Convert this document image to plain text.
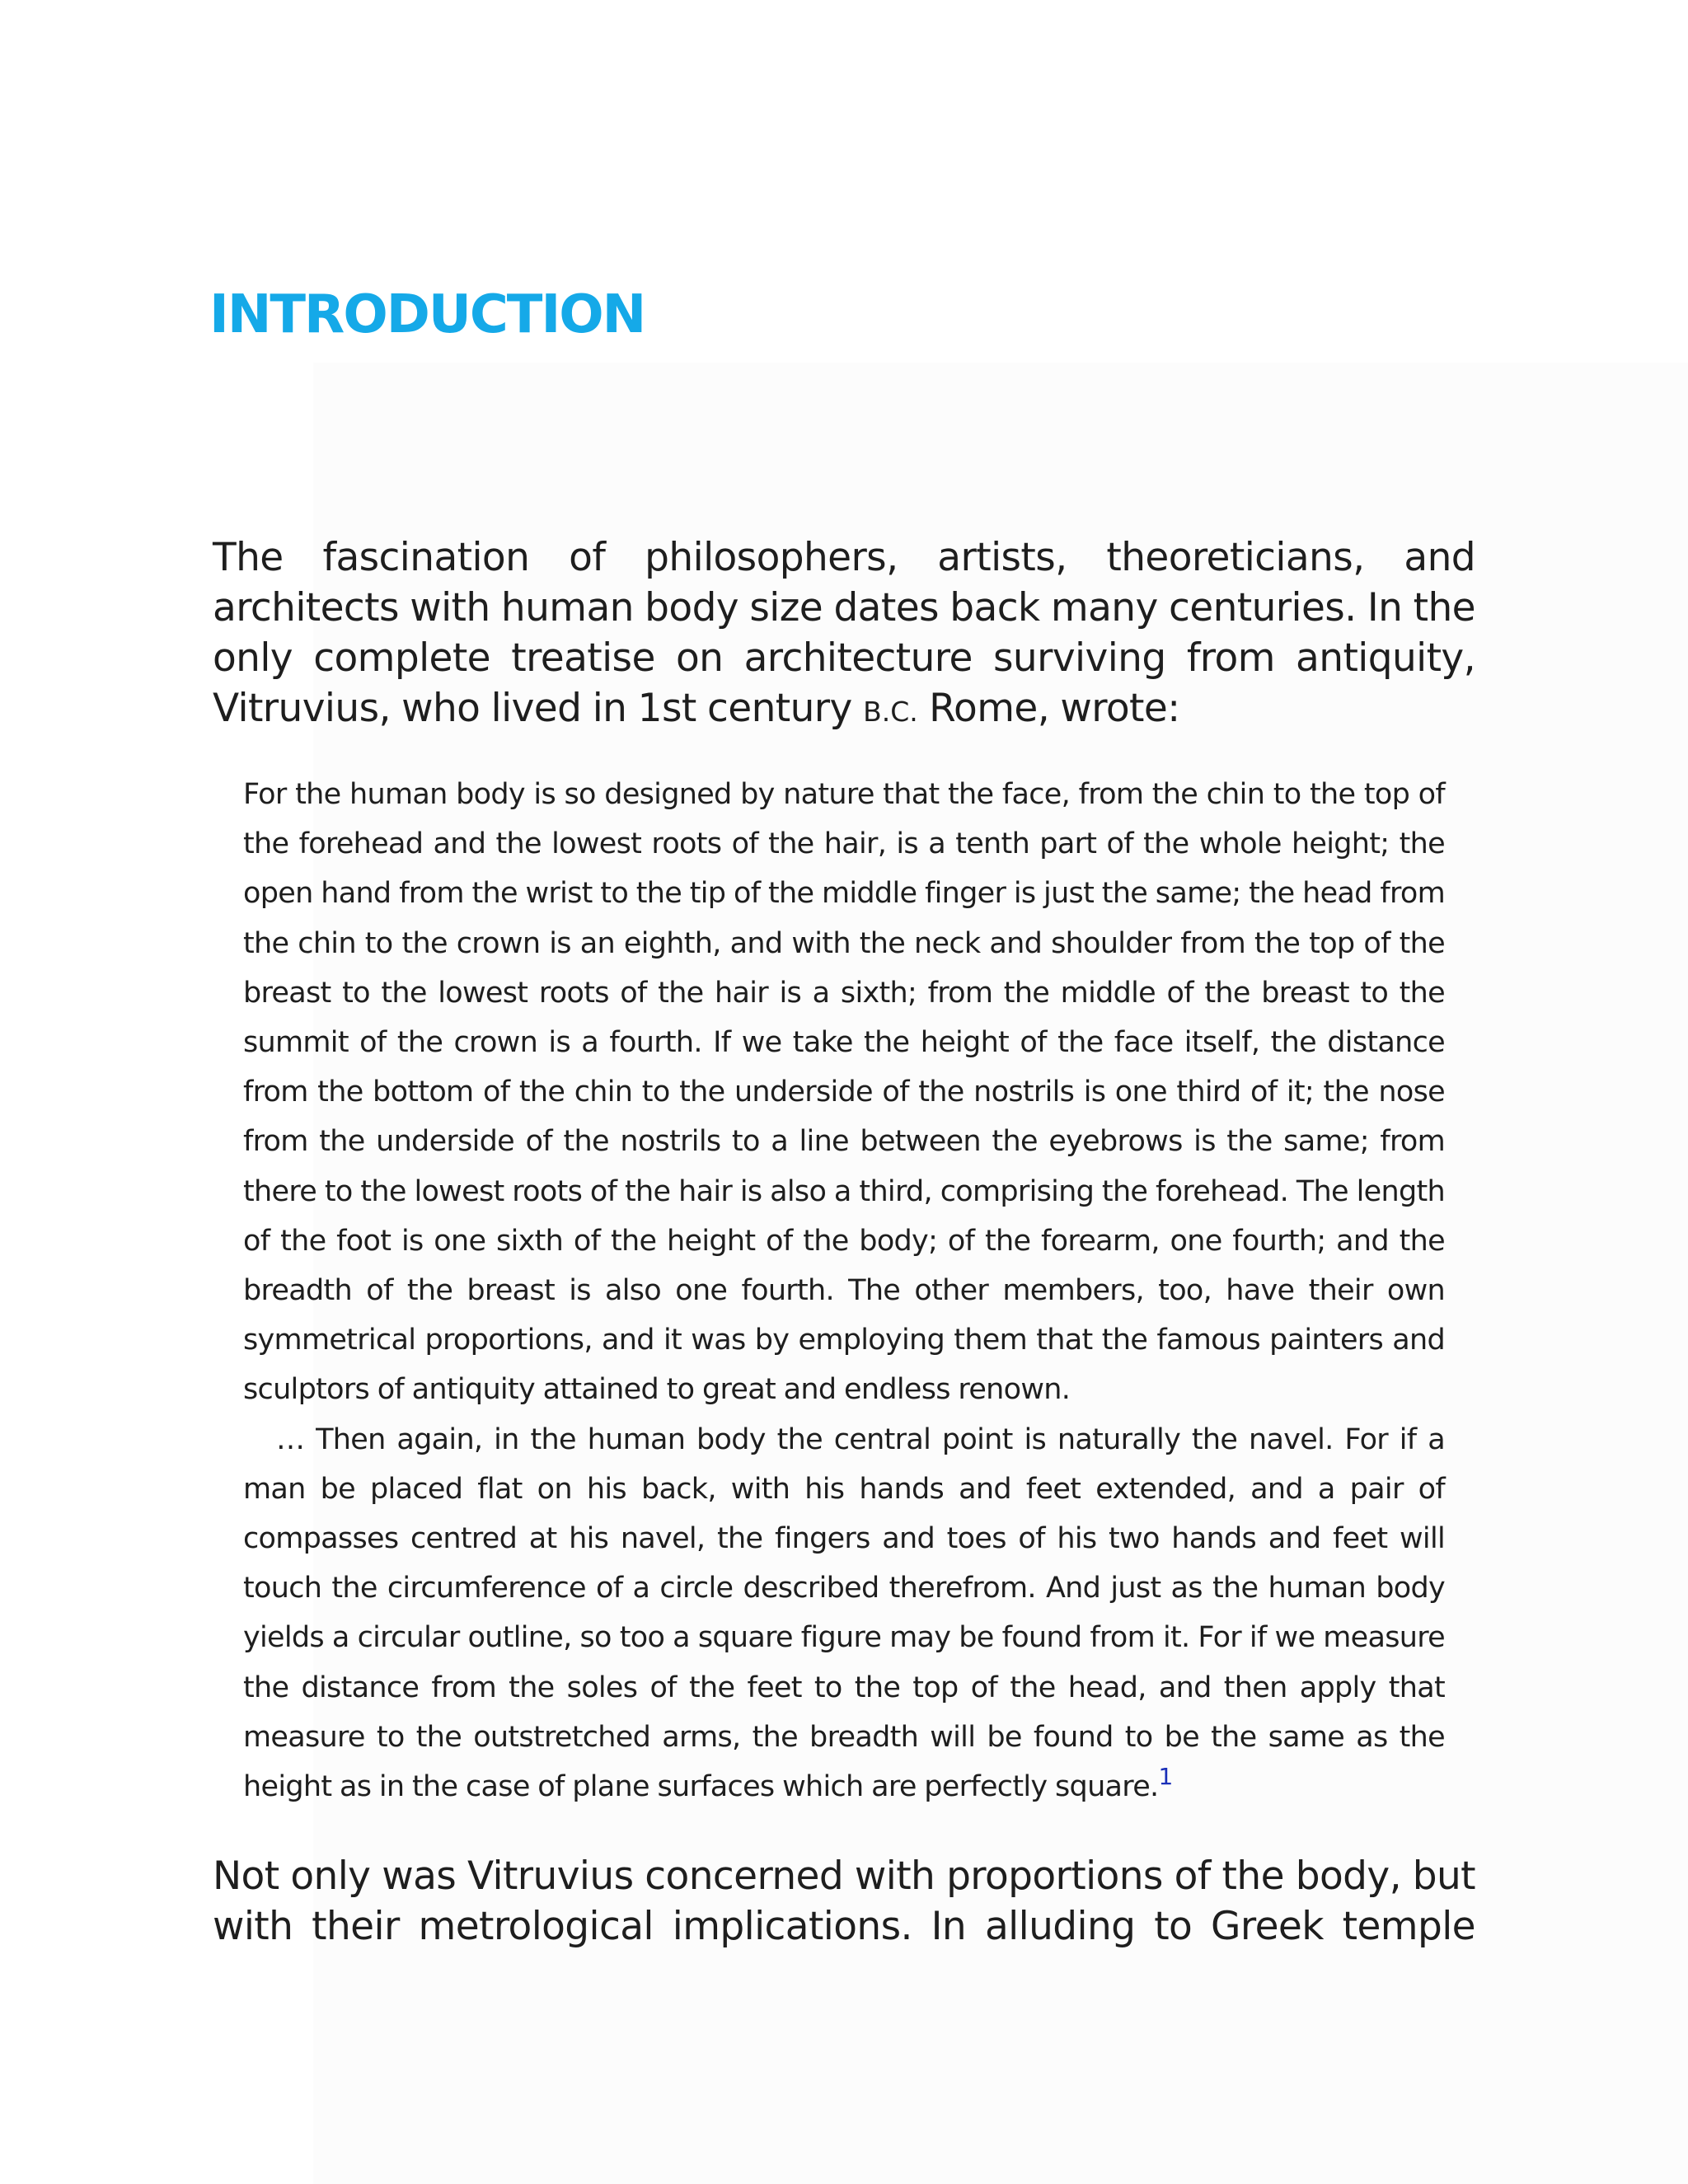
INTRODUCTION

The fascination of philosophers, artists, theoreticians, and architects with human body size dates back many centuries. In the only complete treatise on architecture surviving from antiquity, Vitruvius, who lived in 1st century B.C. Rome, wrote:

For the human body is so designed by nature that the face, from the chin to the top of the forehead and the lowest roots of the hair, is a tenth part of the whole height; the open hand from the wrist to the tip of the middle finger is just the same; the head from the chin to the crown is an eighth, and with the neck and shoulder from the top of the breast to the lowest roots of the hair is a sixth; from the middle of the breast to the summit of the crown is a fourth. If we take the height of the face itself, the distance from the bottom of the chin to the underside of the nostrils is one third of it; the nose from the underside of the nostrils to a line between the eyebrows is the same; from there to the lowest roots of the hair is also a third, comprising the forehead. The length of the foot is one sixth of the height of the body; of the forearm, one fourth; and the breadth of the breast is also one fourth. The other members, too, have their own symmetrical proportions, and it was by employing them that the famous painters and sculptors of antiquity attained to great and endless renown.

… Then again, in the human body the central point is naturally the navel. For if a man be placed flat on his back, with his hands and feet extended, and a pair of compasses centred at his navel, the fingers and toes of his two hands and feet will touch the circumference of a circle described therefrom. And just as the human body yields a circular outline, so too a square figure may be found from it. For if we measure the distance from the soles of the feet to the top of the head, and then apply that measure to the outstretched arms, the breadth will be found to be the same as the height as in the case of plane surfaces which are perfectly square.$^1$

Not only was Vitruvius concerned with proportions of the body, but with their metrological implications. In alluding to Greek temple
